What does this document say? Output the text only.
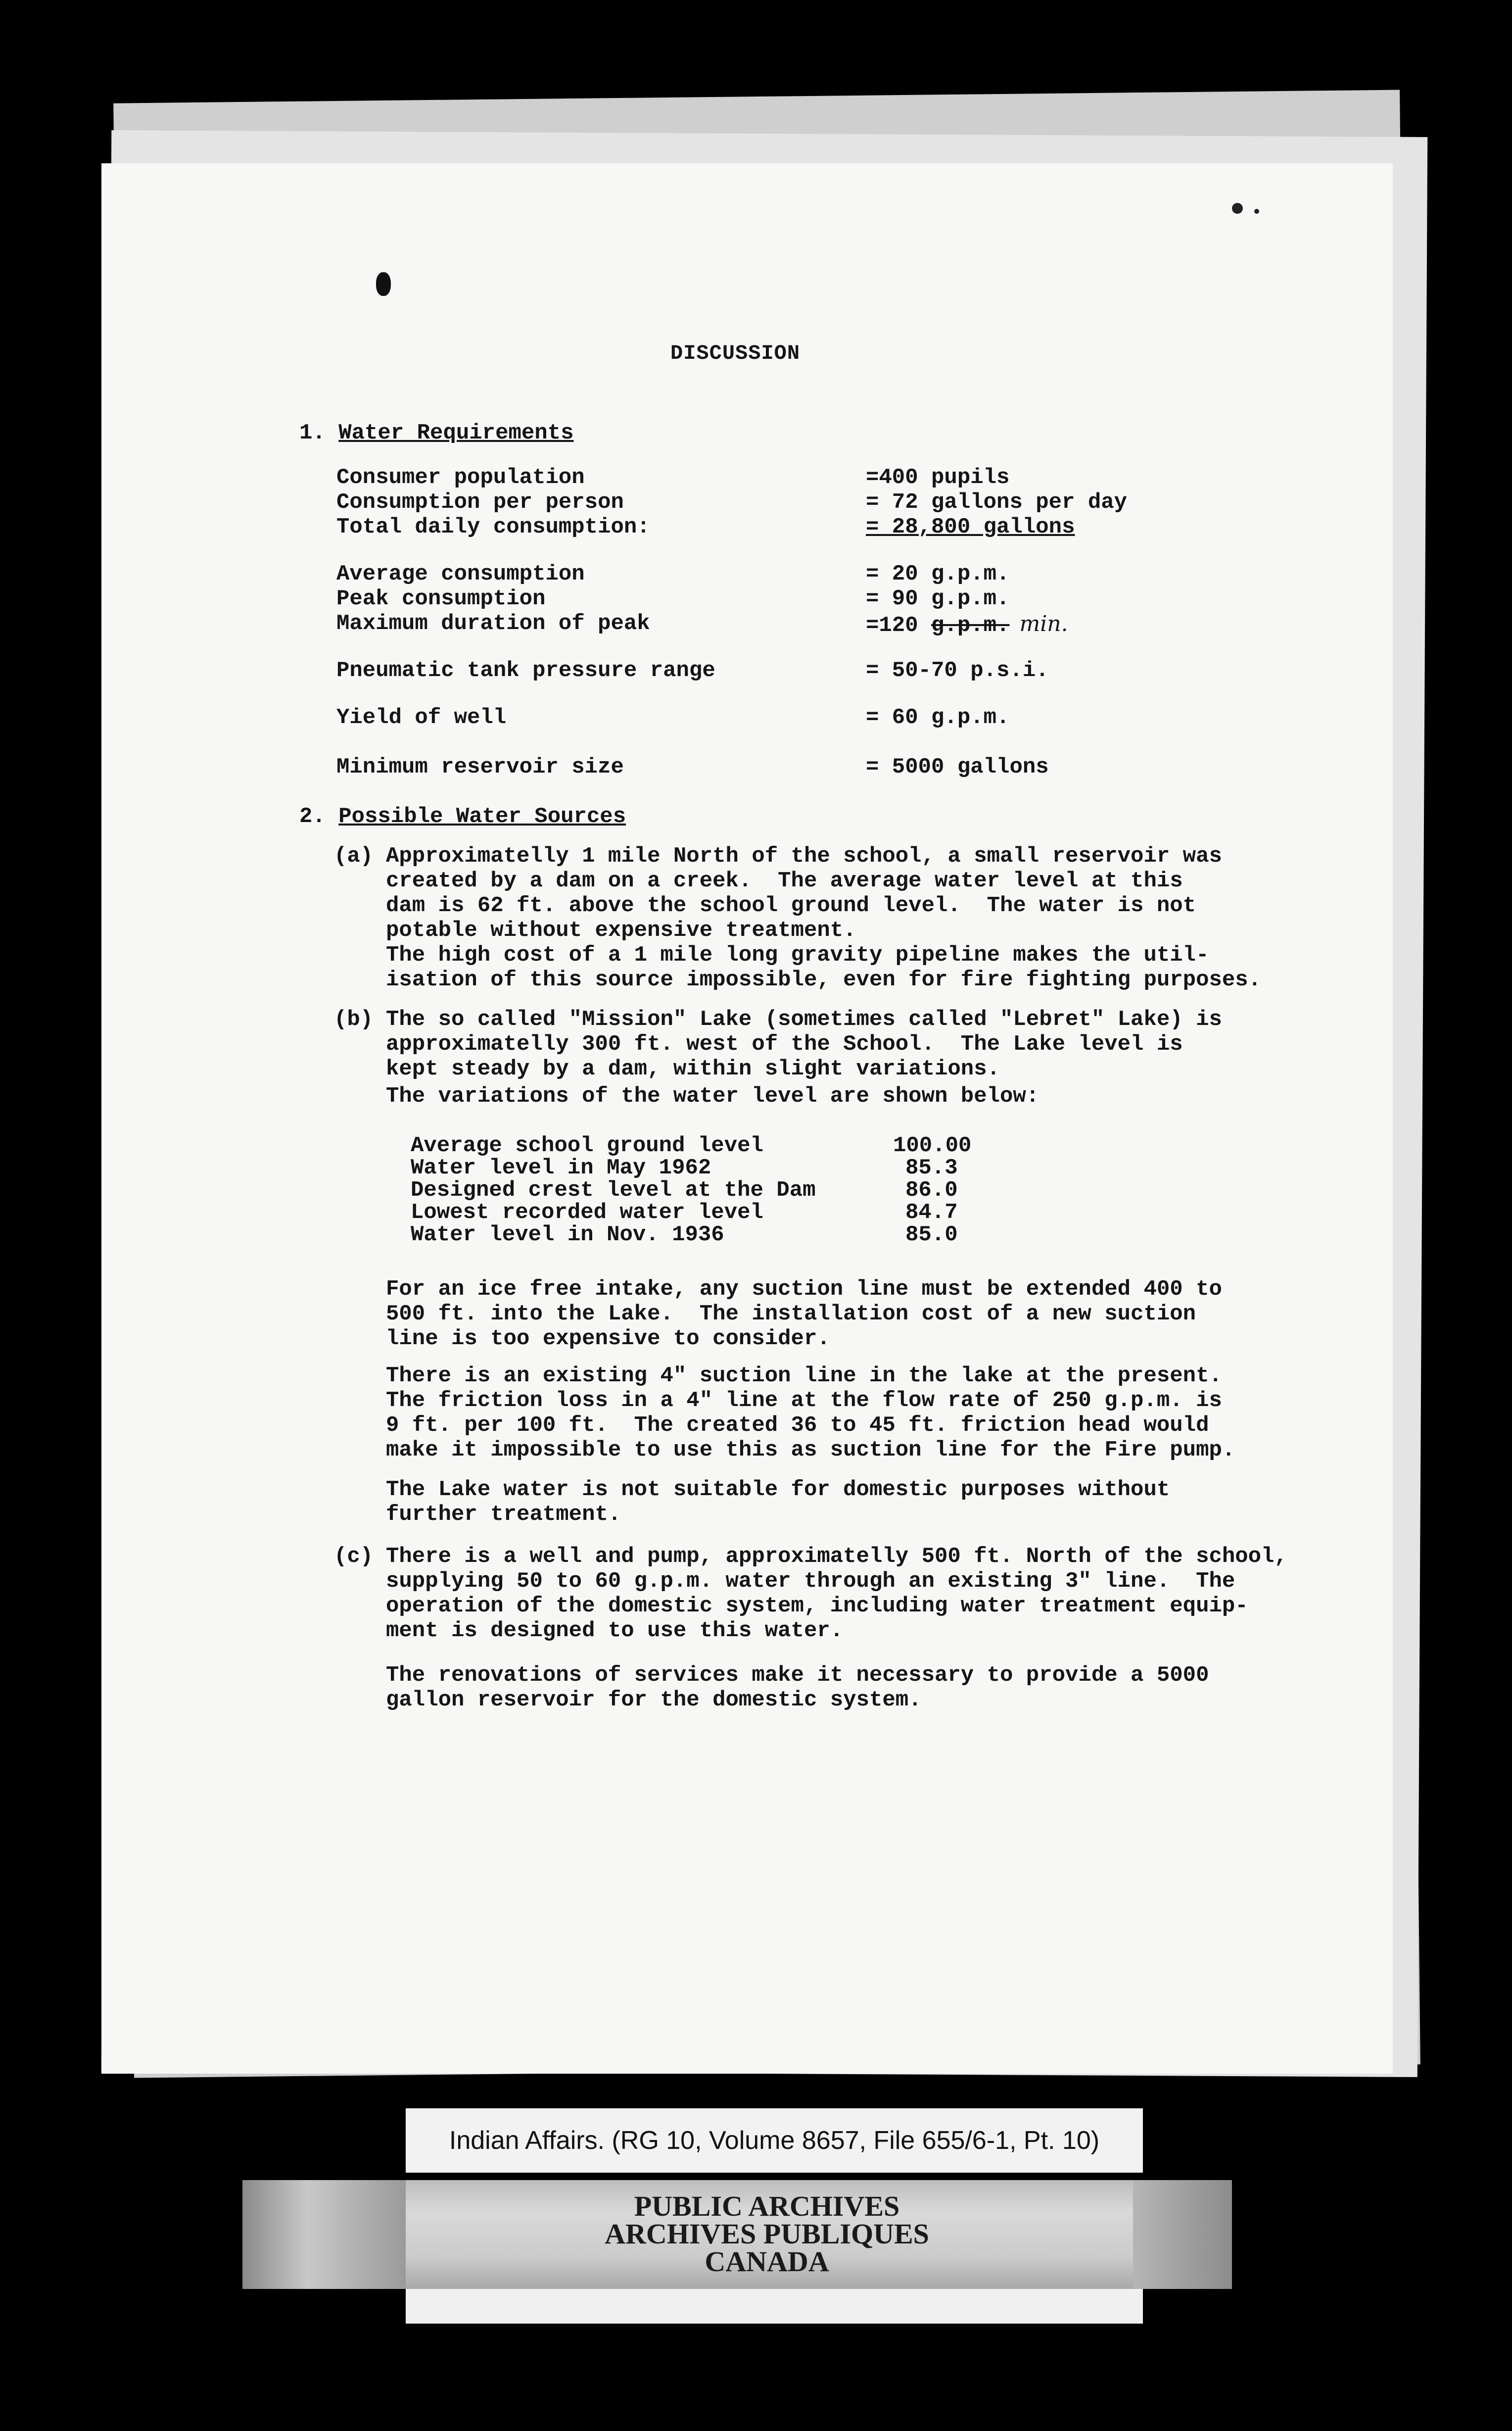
DISCUSSION
1. Water Requirements
Consumer population	=400 pupils
Consumption per person	= 72 gallons per day
Total daily consumption:	= 28,800 gallons
Average consumption	= 20 g.p.m.
Peak consumption	= 90 g.p.m.
Maximum duration of peak	=120 g.p.m. min.
Pneumatic tank pressure range	= 50-70 p.s.i.
Yield of well	= 60 g.p.m.
Minimum reservoir size	= 5000 gallons
2. Possible Water Sources
(a) Approximatelly 1 mile North of the school, a small reservoir was
created by a dam on a creek.  The average water level at this
dam is 62 ft. above the school ground level.  The water is not
potable without expensive treatment.
The high cost of a 1 mile long gravity pipeline makes the util-
isation of this source impossible, even for fire fighting purposes.
(b) The so called "Mission" Lake (sometimes called "Lebret" Lake) is
approximatelly 300 ft. west of the School.  The Lake level is
kept steady by a dam, within slight variations.
The variations of the water level are shown below:
Average school ground level	100.00
Water level in May 1962	85.3
Designed crest level at the Dam	86.0
Lowest recorded water level	84.7
Water level in Nov. 1936	85.0
For an ice free intake, any suction line must be extended 400 to
500 ft. into the Lake.  The installation cost of a new suction
line is too expensive to consider.
There is an existing 4" suction line in the lake at the present.
The friction loss in a 4" line at the flow rate of 250 g.p.m. is
9 ft. per 100 ft.  The created 36 to 45 ft. friction head would
make it impossible to use this as suction line for the Fire pump.
The Lake water is not suitable for domestic purposes without
further treatment.
(c) There is a well and pump, approximatelly 500 ft. North of the school,
supplying 50 to 60 g.p.m. water through an existing 3" line.  The
operation of the domestic system, including water treatment equip-
ment is designed to use this water.
The renovations of services make it necessary to provide a 5000
gallon reservoir for the domestic system.
Indian Affairs. (RG 10, Volume 8657, File 655/6-1, Pt. 10)
PUBLIC ARCHIVES
ARCHIVES PUBLIQUES
CANADA
